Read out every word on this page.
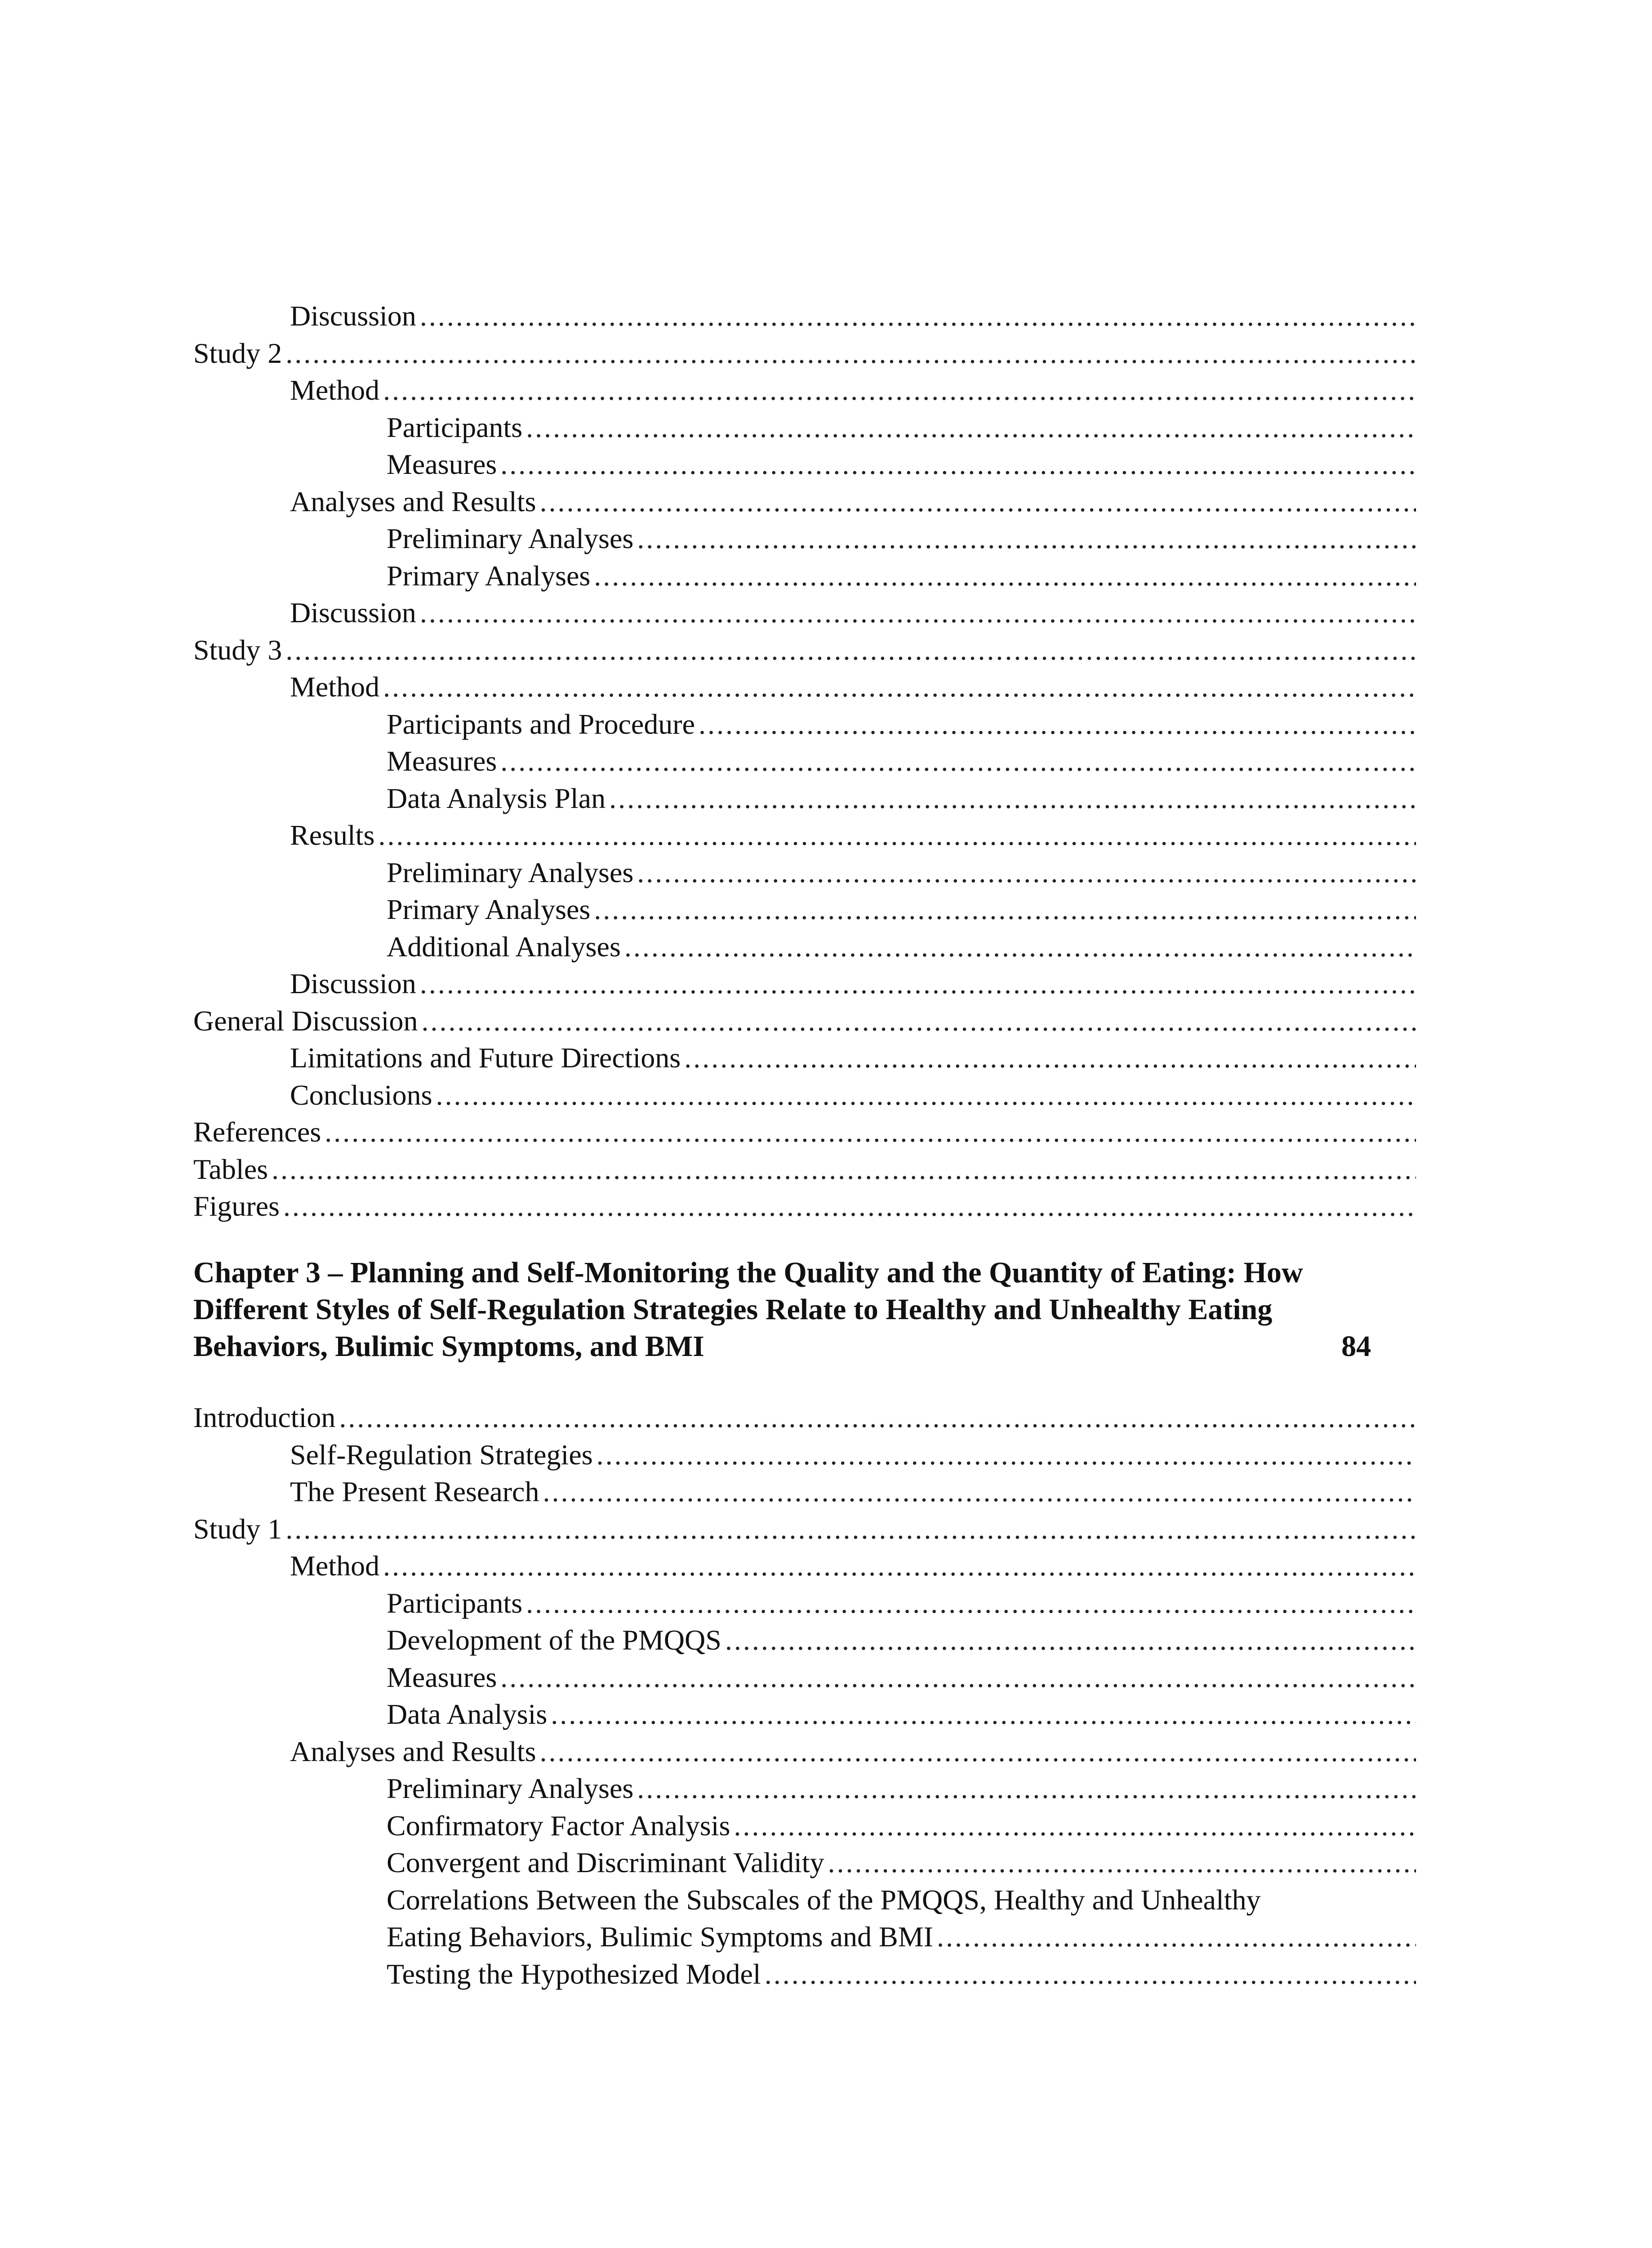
Discussion
.....
Study 2
.....
Method
.....
Participants
.....
Measures
.....
Analyses and Results
.....
Preliminary Analyses
.....
Primary Analyses
.....
Discussion
.....
Study 3
.....
Method
.....
Participants and Procedure
.....
Measures
.....
Data Analysis Plan
.....
Results
.....
Preliminary Analyses
.....
Primary Analyses
.....
Additional Analyses
.....
Discussion
.....
General Discussion
.....
Limitations and Future Directions
.....
Conclusions
.....
References
.....
Tables
.....
Figures
.....
Chapter 3 – Planning and Self-Monitoring the Quality and the Quantity of Eating: How
Different Styles of Self-Regulation Strategies Relate to Healthy and Unhealthy Eating
Behaviors, Bulimic Symptoms, and BMI	84
Introduction
.....
Self-Regulation Strategies
.....
The Present Research
.....
Study 1
.....
Method
.....
Participants
.....
Development of the PMQQS
.....
Measures
.....
Data Analysis
.....
Analyses and Results
.....
Preliminary Analyses
.....
Confirmatory Factor Analysis
.....
Convergent and Discriminant Validity
.....
Correlations Between the Subscales of the PMQQS, Healthy and Unhealthy
Eating Behaviors, Bulimic Symptoms and BMI
.....
Testing the Hypothesized Model
.....
